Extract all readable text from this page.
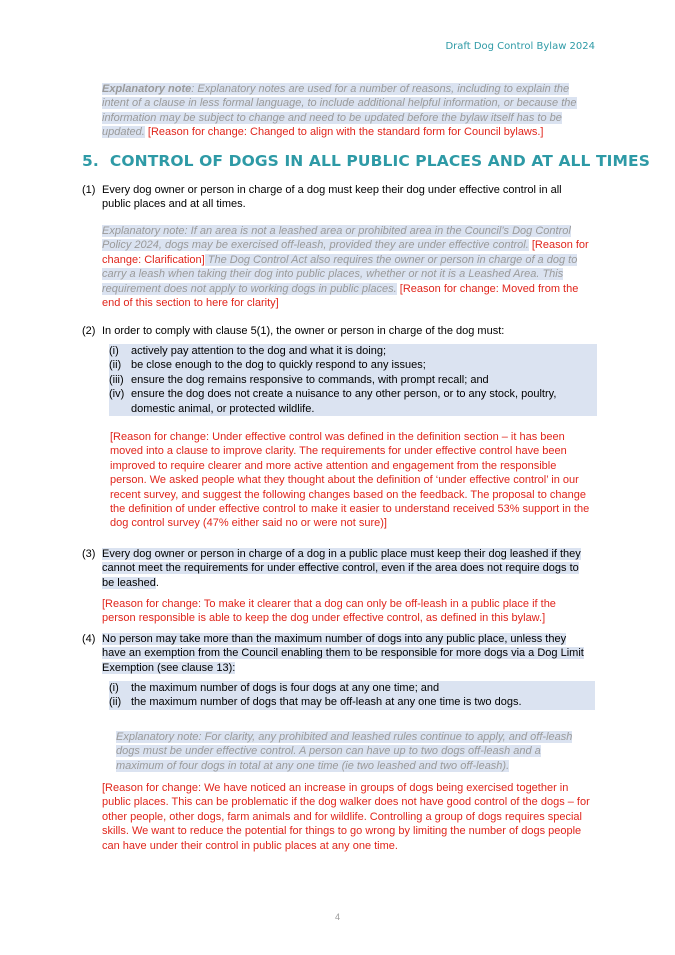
Draft Dog Control Bylaw 2024
Explanatory note: Explanatory notes are used for a number of reasons, including to explain the intent of a clause in less formal language, to include additional helpful information, or because the information may be subject to change and need to be updated before the bylaw itself has to be updated. [Reason for change: Changed to align with the standard form for Council bylaws.]
5. CONTROL OF DOGS IN ALL PUBLIC PLACES AND AT ALL TIMES
(1) Every dog owner or person in charge of a dog must keep their dog under effective control in all public places and at all times.
Explanatory note: If an area is not a leashed area or prohibited area in the Council’s Dog Control Policy 2024, dogs may be exercised off-leash, provided they are under effective control. [Reason for change: Clarification] The Dog Control Act also requires the owner or person in charge of a dog to carry a leash when taking their dog into public places, whether or not it is a Leashed Area. This requirement does not apply to working dogs in public places. [Reason for change: Moved from the end of this section to here for clarity]
(2) In order to comply with clause 5(1), the owner or person in charge of the dog must:
(i) actively pay attention to the dog and what it is doing;
(ii) be close enough to the dog to quickly respond to any issues;
(iii) ensure the dog remains responsive to commands, with prompt recall; and
(iv) ensure the dog does not create a nuisance to any other person, or to any stock, poultry, domestic animal, or protected wildlife.
[Reason for change: Under effective control was defined in the definition section – it has been moved into a clause to improve clarity. The requirements for under effective control have been improved to require clearer and more active attention and engagement from the responsible person. We asked people what they thought about the definition of ‘under effective control’ in our recent survey, and suggest the following changes based on the feedback. The proposal to change the definition of under effective control to make it easier to understand received 53% support in the dog control survey (47% either said no or were not sure)]
(3) Every dog owner or person in charge of a dog in a public place must keep their dog leashed if they cannot meet the requirements for under effective control, even if the area does not require dogs to be leashed.
[Reason for change: To make it clearer that a dog can only be off-leash in a public place if the person responsible is able to keep the dog under effective control, as defined in this bylaw.]
(4) No person may take more than the maximum number of dogs into any public place, unless they have an exemption from the Council enabling them to be responsible for more dogs via a Dog Limit Exemption (see clause 13):
(i) the maximum number of dogs is four dogs at any one time; and
(ii) the maximum number of dogs that may be off-leash at any one time is two dogs.
Explanatory note: For clarity, any prohibited and leashed rules continue to apply, and off-leash dogs must be under effective control. A person can have up to two dogs off-leash and a maximum of four dogs in total at any one time (ie two leashed and two off-leash).
[Reason for change: We have noticed an increase in groups of dogs being exercised together in public places. This can be problematic if the dog walker does not have good control of the dogs – for other people, other dogs, farm animals and for wildlife. Controlling a group of dogs requires special skills. We want to reduce the potential for things to go wrong by limiting the number of dogs people can have under their control in public places at any one time.
4
